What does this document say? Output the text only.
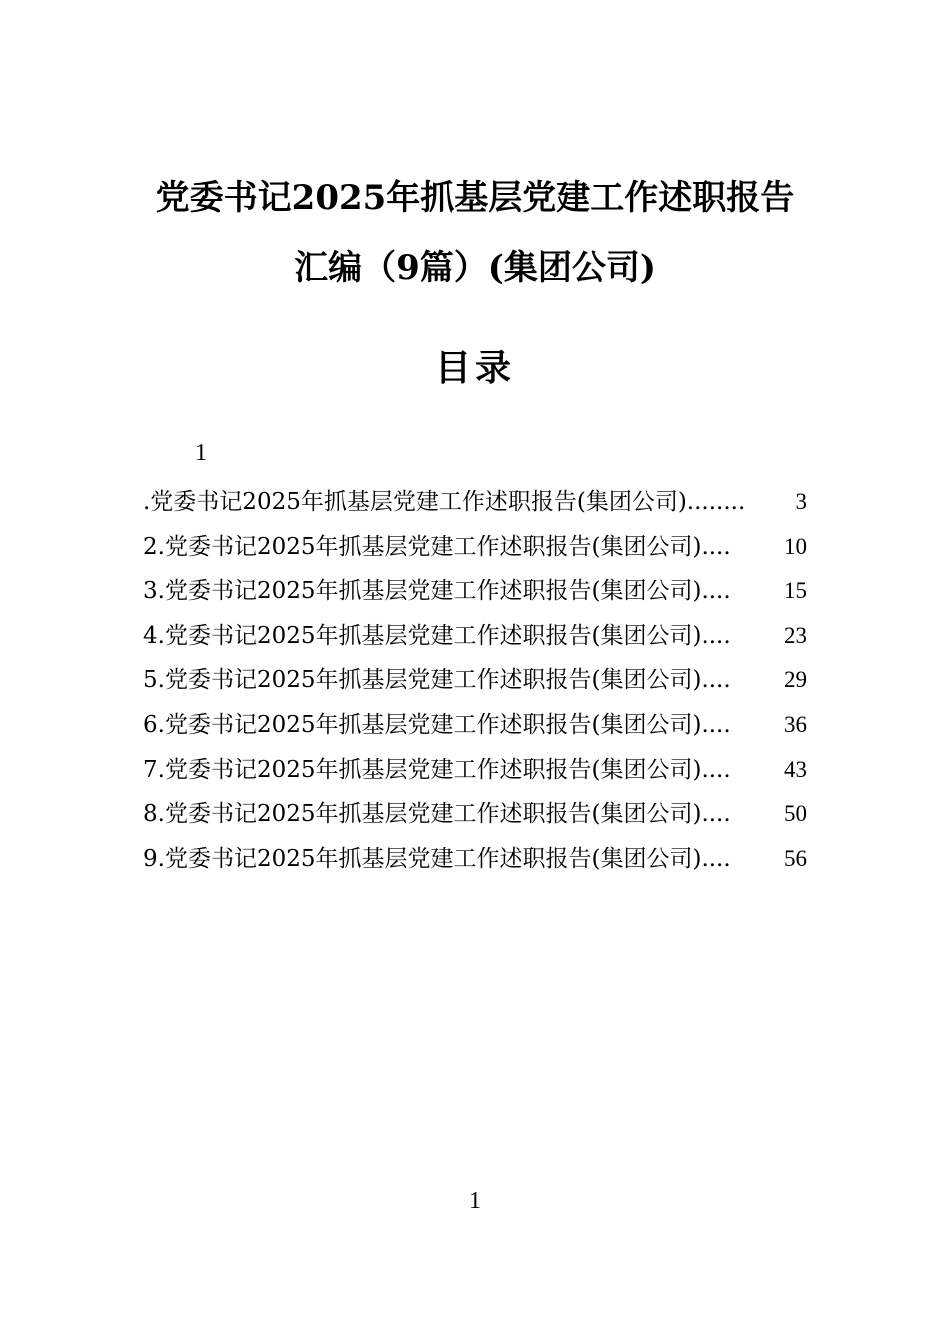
党委书记2025年抓基层党建工作述职报告
汇编（9篇）(集团公司)
目录
1
.党委书记2025年抓基层党建工作述职报告(集团公司) ........	3
2.党委书记2025年抓基层党建工作述职报告(集团公司) ....	10
3.党委书记2025年抓基层党建工作述职报告(集团公司) ....	15
4.党委书记2025年抓基层党建工作述职报告(集团公司) ....	23
5.党委书记2025年抓基层党建工作述职报告(集团公司) ....	29
6.党委书记2025年抓基层党建工作述职报告(集团公司) ....	36
7.党委书记2025年抓基层党建工作述职报告(集团公司) ....	43
8.党委书记2025年抓基层党建工作述职报告(集团公司) ....	50
9.党委书记2025年抓基层党建工作述职报告(集团公司) ....	56
1
